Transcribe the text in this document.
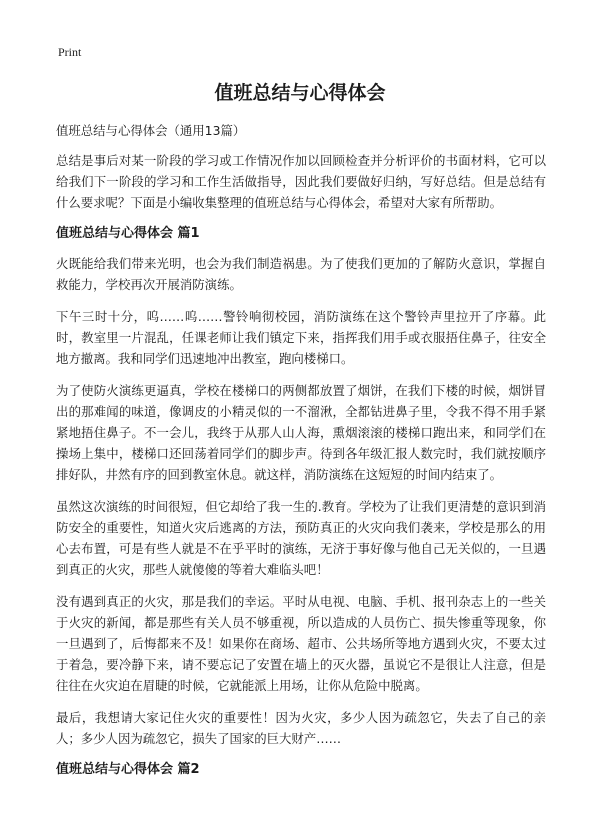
Print
值班总结与心得体会

值班总结与心得体会（通用13篇）

总结是事后对某一阶段的学习或工作情况作加以回顾检查并分析评价的书面材料，它可以给我们下一阶段的学习和工作生活做指导，因此我们要做好归纳，写好总结。但是总结有什么要求呢？下面是小编收集整理的值班总结与心得体会，希望对大家有所帮助。

值班总结与心得体会 篇1

火既能给我们带来光明，也会为我们制造祸患。为了使我们更加的了解防火意识，掌握自救能力，学校再次开展消防演练。

下午三时十分，呜……呜……警铃响彻校园，消防演练在这个警铃声里拉开了序幕。此时，教室里一片混乱，任课老师让我们镇定下来，指挥我们用手或衣服捂住鼻子，往安全地方撤离。我和同学们迅速地冲出教室，跑向楼梯口。

为了使防火演练更逼真，学校在楼梯口的两侧都放置了烟饼，在我们下楼的时候，烟饼冒出的那难闻的味道，像调皮的小精灵似的一不溜湫，全都钻进鼻子里，令我不得不用手紧紧地捂住鼻子。不一会儿，我终于从那人山人海，熏烟滚滚的楼梯口跑出来，和同学们在操场上集中，楼梯口还回荡着同学们的脚步声。待到各年级汇报人数完时，我们就按顺序排好队，井然有序的回到教室休息。就这样，消防演练在这短短的时间内结束了。

虽然这次演练的时间很短，但它却给了我一生的.教育。学校为了让我们更清楚的意识到消防安全的重要性，知道火灾后逃离的方法，预防真正的火灾向我们袭来，学校是那么的用心去布置，可是有些人就是不在乎平时的演练，无济于事好像与他自己无关似的，一旦遇到真正的火灾，那些人就傻傻的等着大难临头吧！

没有遇到真正的火灾，那是我们的幸运。平时从电视、电脑、手机、报刊杂志上的一些关于火灾的新闻，都是那些有关人员不够重视，所以造成的人员伤亡、损失惨重等现象，你一旦遇到了，后悔都来不及！如果你在商场、超市、公共场所等地方遇到火灾，不要太过于着急，要冷静下来，请不要忘记了安置在墙上的灭火器，虽说它不是很让人注意，但是往往在火灾迫在眉睫的时候，它就能派上用场，让你从危险中脱离。

最后，我想请大家记住火灾的重要性！因为火灾，多少人因为疏忽它，失去了自己的亲人；多少人因为疏忽它，损失了国家的巨大财产……

值班总结与心得体会 篇2
